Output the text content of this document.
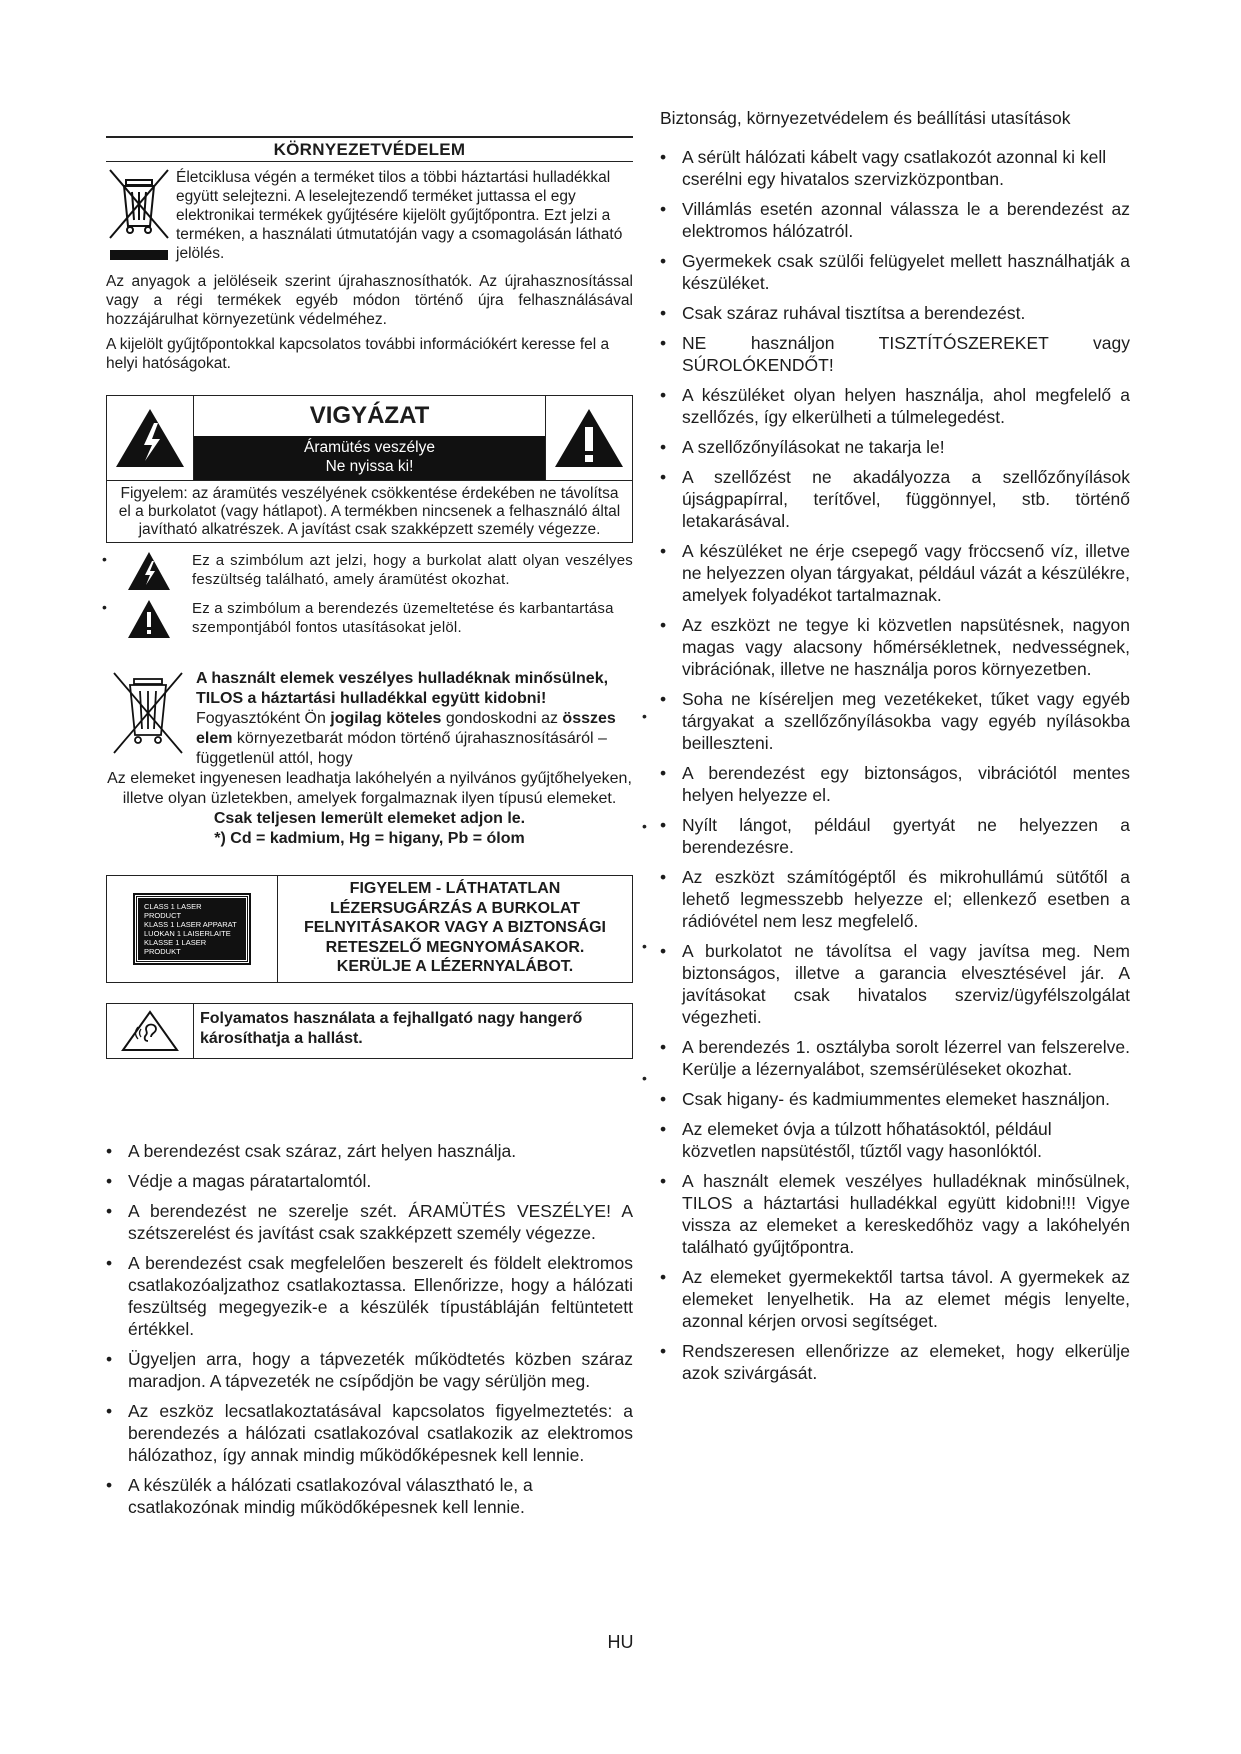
KÖRNYEZETVÉDELEM

Életciklusa végén a terméket tilos a többi háztartási hulladékkal együtt selejtezni. A leselejtezendő terméket juttassa el egy elektronikai termékek gyűjtésére kijelölt gyűjtőpontra. Ezt jelzi a terméken, a használati útmutatóján vagy a csomagolásán látható jelölés.

Az anyagok a jelöléseik szerint újrahasznosíthatók. Az újrahasznosítással vagy a régi termékek egyéb módon történő újra felhasználásával hozzájárulhat környezetünk védelméhez.

A kijelölt gyűjtőpontokkal kapcsolatos további információkért keresse fel a helyi hatóságokat.

VIGYÁZAT
Áramütés veszélye
Ne nyissa ki!
Figyelem: az áramütés veszélyének csökkentése érdekében ne távolítsa el a burkolatot (vagy hátlapot). A termékben nincsenek a felhasználó által javítható alkatrészek. A javítást csak szakképzett személy végezze.
•	Ez a szimbólum azt jelzi, hogy a burkolat alatt olyan veszélyes feszültség található, amely áramütést okozhat.
•	Ez a szimbólum a berendezés üzemeltetése és karbantartása szempontjából fontos utasításokat jelöl.
A használt elemek veszélyes hulladéknak minősülnek, TILOS a háztartási hulladékkal együtt kidobni! Fogyasztóként Ön jogilag köteles gondoskodni az összes elem környezetbarát módon történő újrahasznosításáról – függetlenül attól, hogy

Az elemeket ingyenesen leadhatja lakóhelyén a nyilvános gyűjtőhelyeken, illetve olyan üzletekben, amelyek forgalmaznak ilyen típusú elemeket.

Csak teljesen lemerült elemeket adjon le.

*) Cd = kadmium, Hg = higany, Pb = ólom

CLASS 1 LASER PRODUCT
KLASS 1 LASER APPARAT
LUOKAN 1 LAISERLAITE
KLASSE 1 LASER PRODUKT
FIGYELEM - LÁTHATATLAN
LÉZERSUGÁRZÁS A BURKOLAT
FELNYITÁSAKOR VAGY A BIZTONSÁGI
RETESZELŐ MEGNYOMÁSAKOR.
KERÜLJE A LÉZERNYALÁBOT.
Folyamatos használata a fejhallgató nagy hangerő károsíthatja a hallást.
• A berendezést csak száraz, zárt helyen használja.
• Védje a magas páratartalomtól.
• A berendezést ne szerelje szét. ÁRAMÜTÉS VESZÉLYE! A szétszerelést és javítást csak szakképzett személy végezze.
• A berendezést csak megfelelően beszerelt és földelt elektromos csatlakozóaljzathoz csatlakoztassa. Ellenőrizze, hogy a hálózati feszültség megegyezik-e a készülék típustábláján feltüntetett értékkel.
• Ügyeljen arra, hogy a tápvezeték működtetés közben száraz maradjon. A tápvezeték ne csípődjön be vagy sérüljön meg.
• Az eszköz lecsatlakoztatásával kapcsolatos figyelmeztetés: a berendezés a hálózati csatlakozóval csatlakozik az elektromos hálózathoz, így annak mindig működőképesnek kell lennie.
• A készülék a hálózati csatlakozóval választható le, a csatlakozónak mindig működőképesnek kell lennie.

Biztonság, környezetvédelem és beállítási utasítások

• A sérült hálózati kábelt vagy csatlakozót azonnal ki kell cserélni egy hivatalos szervizközpontban.
• Villámlás esetén azonnal válassza le a berendezést az elektromos hálózatról.
• Gyermekek csak szülői felügyelet mellett használhatják a készüléket.
• Csak száraz ruhával tisztítsa a berendezést.
• NE használjon TISZTÍTÓSZEREKET vagy SÚROLÓKENDŐT!
• A készüléket olyan helyen használja, ahol megfelelő a szellőzés, így elkerülheti a túlmelegedést.
• A szellőzőnyílásokat ne takarja le!
• A szellőzést ne akadályozza a szellőzőnyílások újságpapírral, terítővel, függönnyel, stb. történő letakarásával.
• A készüléket ne érje csepegő vagy fröccsenő víz, illetve ne helyezzen olyan tárgyakat, például vázát a készülékre, amelyek folyadékot tartalmaznak.
• Az eszközt ne tegye ki közvetlen napsütésnek, nagyon magas vagy alacsony hőmérsékletnek, nedvességnek, vibrációnak, illetve ne használja poros környezetben.
• Soha ne kíséreljen meg vezetékeket, tűket vagy egyéb tárgyakat a szellőzőnyílásokba vagy egyéb nyílásokba beilleszteni.
• A berendezést egy biztonságos, vibrációtól mentes helyen helyezze el.
• Nyílt lángot, például gyertyát ne helyezzen a berendezésre.
• Az eszközt számítógéptől és mikrohullámú sütőtől a lehető legmesszebb helyezze el; ellenkező esetben a rádióvétel nem lesz megfelelő.
• A burkolatot ne távolítsa el vagy javítsa meg. Nem biztonságos, illetve a garancia elvesztésével jár. A javításokat csak hivatalos szerviz/ügyfélszolgálat végezheti.
• A berendezés 1. osztályba sorolt lézerrel van felszerelve. Kerülje a lézernyalábot, szemsérüléseket okozhat.
• Csak higany- és kadmiummentes elemeket használjon.
• Az elemeket óvja a túlzott hőhatásoktól, például közvetlen napsütéstől, tűztől vagy hasonlóktól.
• A használt elemek veszélyes hulladéknak minősülnek, TILOS a háztartási hulladékkal együtt kidobni!!! Vigye vissza az elemeket a kereskedőhöz vagy a lakóhelyén található gyűjtőpontra.
• Az elemeket gyermekektől tartsa távol. A gyermekek az elemeket lenyelhetik. Ha az elemet mégis lenyelte, azonnal kérjen orvosi segítséget.
• Rendszeresen ellenőrizze az elemeket, hogy elkerülje azok szivárgását.
•
•
•
•
HU
